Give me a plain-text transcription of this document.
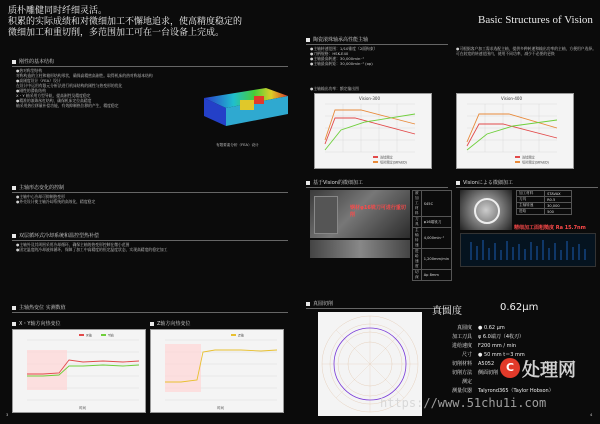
质朴雕健同时纤细灵活。
积累的实际成绩和对微细加工不懈地追求，使高精度稳定的
微细加工和重切削，多范围加工可在一台设备上完成。
刚性的基本结构
●热对称型结构
对称构造的立柱和箱形结构形状，确保高精密高刚性。取得机床的热对称基本结构
●高刚度设计（FEA）设计
在设计中运用有限元分析法进行机床结构的刚性与热变形的优化
●刚性的滑轨结构
X・Y 轴采用方型导轨，提高刚性及精度稳定
●精准的滚珠丝杠结构，确保机床定位高精度
轴采用热位移量补偿功能，有效抑制热位移的产生，精度稳定
有限要素分析（FEA）设计
主轴形态变化的控制
●主轴中心冷却可抑制热变形
●外壳设计使主轴冷却系统的高效化，精度稳定
双层循环式冷却系统和温控型热补偿
●主轴外及其周围采用冷却循环，确保主轴的热变形控制在微小范围
●固定温度的冷却液体循环，保障了加工中高精度的恒定温度状态，实现高精度的稳定加工
主轴热变位 实测数值
X・Y轴方向热变位
X轴	Y轴
时间
Z轴方向热变位
Z轴
时间
3
Basic Structures of Vision
陶瓷滚珠轴承高性能主轴
●主轴转速范围：1/10锥度（2面拘束）
●刀柄规格：HSK-E40
●主轴最高转速：30,000min⁻¹
●主轴最高转矩：30,000min⁻¹ (op)
●可根据客户加工需求选配主轴，提供多种转速和输出功率的主轴，方便用户选择。可在较宽的转速范围内，使用不同功率，减少不必要的更换
●主轴输出功率：额定输出图
Vision-300
连续额定
短时额定(S6%ED)
Vision-400
连续额定
短时额定(S6%ED)
基于Vision的微细加工
钢材φ16铣刀可进行重切削
被加工材料	S45C
刀具	φ16端铣刀
主轴转速	4,000min⁻¹
进给速度	1,200mm/min
切深	Ap 8mm
Visionによる微細加工
加工材料	STAVAX
刀具	R0.5
主轴转速	30,000
进给	500
精细加工面粗糙度 Ra 15.7nm
真圆切削
真圆度	0.62μm
真圆度	● 0.62 μm
加工刀具	φ 6.0端刀（4枚刃）
进给速度	F200 mm / min
尺寸	● 50 mm t＝3 mm
切削材料	A5052
切削方法	侧面切削
测定
测量仪器	Talyrond365（Taylor Hobson）
4
C 处理网
https://www.51chu1i.com
